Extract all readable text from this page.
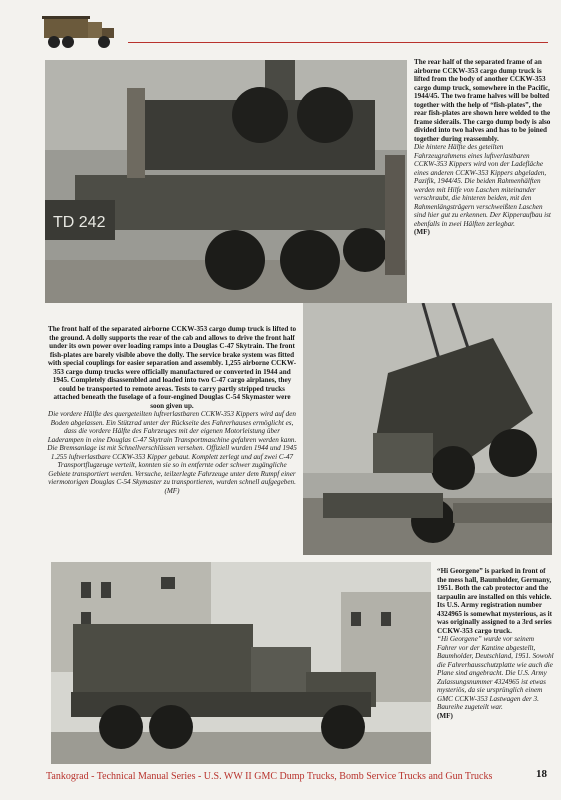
TD 242
The rear half of the separated frame of an airborne CCKW-353 cargo dump truck is lifted from the body of another CCKW-353 cargo dump truck, somewhere in the Pacific, 1944/45. The two frame halves will be bolted together with the help of “fish-plates”, the rear fish-plates are shown here welded to the frame siderails. The cargo dump body is also divided into two halves and has to be joined together during reassembly.
Die hintere Hälfte des geteilten Fahrzeugrahmens eines luftverlastbaren CCKW-353 Kippers wird von der Ladefläche eines anderen CCKW-353 Kippers abgeladen, Pazifik, 1944/45. Die beiden Rahmenhälften werden mit Hilfe von Laschen miteinander verschraubt, die hinteren beiden, mit den Rahmenlängsträgern verschweißten Laschen sind hier gut zu erkennen. Der Kipperaufbau ist ebenfalls in zwei Hälften zerlegbar.
(MF)
The front half of the separated airborne CCKW-353 cargo dump truck is lifted to the ground. A dolly supports the rear of the cab and allows to drive the front half under its own power over loading ramps into a Douglas C-47 Skytrain. The front fish-plates are barely visible above the dolly. The service brake system was fitted with special couplings for easier separation and assembly. 1,255 airborne CCKW-353 cargo dump trucks were officially manufactured or converted in 1944 and 1945. Completely disassembled and loaded into two C-47 cargo airplanes, they could be transported to remote areas. Tests to carry partly stripped trucks attached beneath the fuselage of a four-engined Douglas C-54 Skymaster were soon given up.
Die vordere Hälfte des quergeteilten luftverlastbaren CCKW-353 Kippers wird auf den Boden abgelassen. Ein Stützrad unter der Rückseite des Fahrerhauses ermöglicht es, dass die vordere Hälfte des Fahrzeuges mit der eigenen Motorleistung über Laderampen in eine Douglas C-47 Skytrain Transportmaschine gefahren werden kann. Die Bremsanlage ist mit Schnellverschlüssen versehen. Offiziell wurden 1944 und 1945 1.255 luftverlastbare CCKW-353 Kipper gebaut. Komplett zerlegt und auf zwei C-47 Transportflugzeuge verteilt, konnten sie so in entfernte oder schwer zugängliche Gebiete transportiert werden. Versuche, teilzerlegte Fahrzeuge unter dem Rumpf einer viermotorigen Douglas C-54 Skymaster zu transportieren, wurden schnell aufgegeben. (MF)
“Hi Georgene” is parked in front of the mess hall, Baumholder, Germany, 1951. Both the cab protector and the tarpaulin are installed on this vehicle. Its U.S. Army registration number 4324965 is somewhat mysterious, as it was originally assigned to a 3rd series CCKW-353 cargo truck.
“Hi Georgene” wurde vor seinem Fahrer vor der Kantine abgestellt, Baumholder, Deutschland, 1951. Sowohl die Fahrerhausschutzplatte wie auch die Plane sind angebracht. Die U.S. Army Zulassungsnummer 4324965 ist etwas mysteriös, da sie ursprünglich einem GMC CCKW-353 Lastwagen der 3. Baureihe zugeteilt war.
(MF)
Tankograd - Technical Manual Series - U.S. WW II GMC Dump Trucks, Bomb Service Trucks and Gun Trucks	18
